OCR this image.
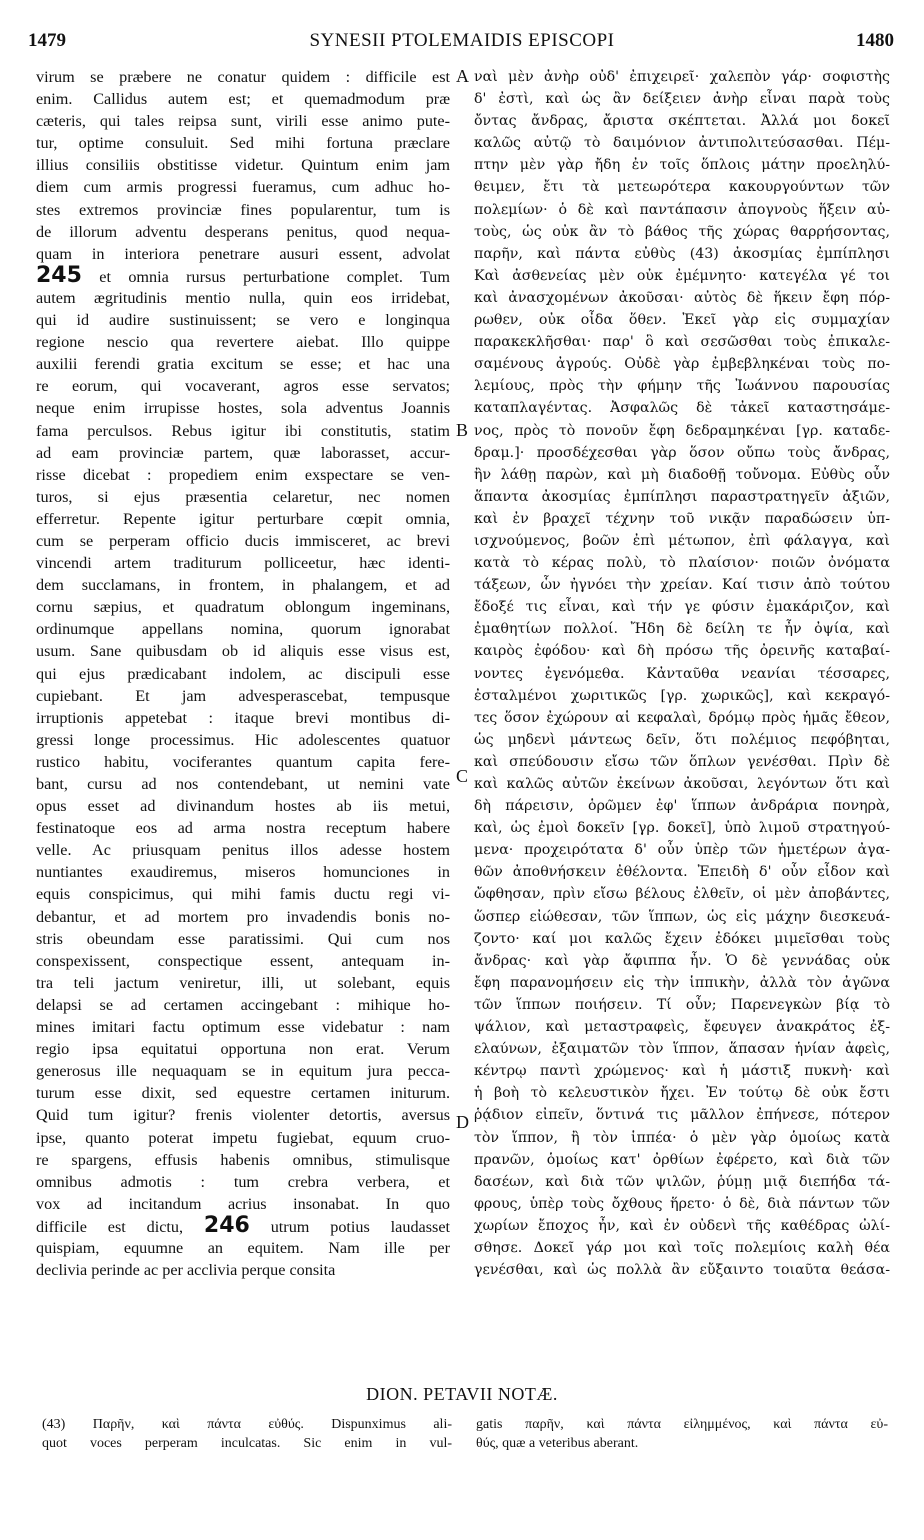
1479	SYNESII PTOLEMAIDIS EPISCOPI	1480
virum se præbere ne conatur quidem : difficile est
enim. Callidus autem est; et quemadmodum præ
cæteris, qui tales reipsa sunt, virili esse animo pute-
tur, optime consuluit. Sed mihi fortuna præclare
illius consiliis obstitisse videtur. Quintum enim jam
diem cum armis progressi fueramus, cum adhuc ho-
stes extremos provinciæ fines popularentur, tum is
de illorum adventu desperans penitus, quod nequa-
quam in interiora penetrare ausuri essent, advolat
245 et omnia rursus perturbatione complet. Tum
autem ægritudinis mentio nulla, quin eos irridebat,
qui id audire sustinuissent; se vero e longinqua
regione nescio qua revertere aiebat. Illo quippe
auxilii ferendi gratia excitum se esse; et hac una
re eorum, qui vocaverant, agros esse servatos;
neque enim irrupisse hostes, sola adventus Joannis
fama perculsos. Rebus igitur ibi constitutis, statim
ad eam provinciæ partem, quæ laborasset, accur-
risse dicebat : propediem enim exspectare se ven-
turos, si ejus præsentia celaretur, nec nomen
efferretur. Repente igitur perturbare cœpit omnia,
cum se perperam officio ducis immisceret, ac brevi
vincendi artem traditurum polliceetur, hæc identi-
dem succlamans, in frontem, in phalangem, et ad
cornu sæpius, et quadratum oblongum ingeminans,
ordinumque appellans nomina, quorum ignorabat
usum. Sane quibusdam ob id aliquis esse visus est,
qui ejus prædicabant indolem, ac discipuli esse
cupiebant. Et jam advesperascebat, tempusque
irruptionis appetebat : itaque brevi montibus di-
gressi longe processimus. Hic adolescentes quatuor
rustico habitu, vociferantes quantum capita fere-
bant, cursu ad nos contendebant, ut nemini vate
opus esset ad divinandum hostes ab iis metui,
festinatoque eos ad arma nostra receptum habere
velle. Ac priusquam penitus illos adesse hostem
nuntiantes exaudiremus, miseros homunciones in
equis conspicimus, qui mihi famis ductu regi vi-
debantur, et ad mortem pro invadendis bonis no-
stris obeundam esse paratissimi. Qui cum nos
conspexissent, conspectique essent, antequam in-
tra teli jactum veniretur, illi, ut solebant, equis
delapsi se ad certamen accingebant : mihique ho-
mines imitari factu optimum esse videbatur : nam
regio ipsa equitatui opportuna non erat. Verum
generosus ille nequaquam se in equitum jura pecca-
turum esse dixit, sed equestre certamen initurum.
Quid tum igitur? frenis violenter detortis, aversus
ipse, quanto poterat impetu fugiebat, equum cruo-
re spargens, effusis habenis omnibus, stimulisque
omnibus admotis : tum crebra verbera, et
vox ad incitandum acrius insonabat. In quo
difficile est dictu, 246 utrum potius laudasset
quispiam, equumne an equitem. Nam ille per
declivia perinde ac per acclivia perque consita
A
B
C
D
ναὶ μὲν ἀνὴρ οὐδ' ἐπιχειρεῖ· χαλεπὸν γάρ· σοφιστὴς
δ' ἐστὶ, καὶ ὡς ἂν δείξειεν ἀνὴρ εἶναι παρὰ τοὺς
ὄντας ἄνδρας, ἄριστα σκέπτεται. Ἀλλά μοι δοκεῖ
καλῶς αὐτῷ τὸ δαιμόνιον ἀντιπολιτεύσασθαι. Πέμ-
πτην μὲν γὰρ ἤδη ἐν τοῖς ὅπλοις μάτην προεληλύ-
θειμεν, ἔτι τὰ μετεωρότερα κακουργούντων τῶν
πολεμίων· ὁ δὲ καὶ παντάπασιν ἀπογνοὺς ἥξειν αὐ-
τοὺς, ὡς οὐκ ἂν τὸ βάθος τῆς χώρας θαρρήσοντας,
παρῆν, καὶ πάντα εὐθὺς (43) ἀκοσμίας ἐμπίπλησι
Καὶ ἀσθενείας μὲν οὐκ ἐμέμνητο· κατεγέλα γέ τοι
καὶ ἀνασχομένων ἀκοῦσαι· αὐτὸς δὲ ἥκειν ἔφη πόρ-
ρωθεν, οὐκ οἶδα ὅθεν. Ἐκεῖ γὰρ εἰς συμμαχίαν
παρακεκλῆσθαι· παρ' ὃ καὶ σεσῶσθαι τοὺς ἐπικαλε-
σαμένους ἀγρούς. Οὐδὲ γὰρ ἐμβεβληκέναι τοὺς πο-
λεμίους, πρὸς τὴν φήμην τῆς Ἰωάννου παρουσίας
καταπλαγέντας. Ἀσφαλῶς δὲ τἀκεῖ καταστησάμε-
νος, πρὸς τὸ πονοῦν ἔφη δεδραμηκέναι [γρ. καταδε-
δραμ.]· προσδέχεσθαι γὰρ ὅσον οὔπω τοὺς ἄνδρας,
ἢν λάθῃ παρὼν, καὶ μὴ διαδοθῇ τοὔνομα. Εὐθὺς οὖν
ἅπαντα ἀκοσμίας ἐμπίπλησι παραστρατηγεῖν ἀξιῶν,
καὶ ἐν βραχεῖ τέχνην τοῦ νικᾷν παραδώσειν ὑπ-
ισχνούμενος, βοῶν ἐπὶ μέτωπον, ἐπὶ φάλαγγα, καὶ
κατὰ τὸ κέρας πολὺ, τὸ πλαίσιον· ποιῶν ὀνόματα
τάξεων, ὧν ἠγνόει τὴν χρείαν. Καί τισιν ἀπὸ τούτου
ἔδοξέ τις εἶναι, καὶ τήν γε φύσιν ἐμακάριζον, καὶ
ἐμαθητίων πολλοί. Ἤδη δὲ δείλη τε ἦν ὀψία, καὶ
καιρὸς ἐφόδου· καὶ δὴ πρόσω τῆς ὀρεινῆς καταβαί-
νοντες ἐγενόμεθα. Κἀνταῦθα νεανίαι τέσσαρες,
ἐσταλμένοι χωριτικῶς [γρ. χωρικῶς], καὶ κεκραγό-
τες ὅσον ἐχώρουν αἱ κεφαλαὶ, δρόμῳ πρὸς ἡμᾶς ἔθεον,
ὡς μηδενὶ μάντεως δεῖν, ὅτι πολέμιος πεφόβηται,
καὶ σπεύδουσιν εἴσω τῶν ὅπλων γενέσθαι. Πρὶν δὲ
καὶ καλῶς αὐτῶν ἐκείνων ἀκοῦσαι, λεγόντων ὅτι καὶ
δὴ πάρεισιν, ὁρῶμεν ἐφ' ἵππων ἀνδράρια πονηρὰ,
καὶ, ὡς ἐμοὶ δοκεῖν [γρ. δοκεῖ], ὑπὸ λιμοῦ στρατηγού-
μενα· προχειρότατα δ' οὖν ὑπὲρ τῶν ἡμετέρων ἀγα-
θῶν ἀποθνήσκειν ἐθέλοντα. Ἐπειδὴ δ' οὖν εἶδον καὶ
ὤφθησαν, πρὶν εἴσω βέλους ἐλθεῖν, οἱ μὲν ἀποβάντες,
ὥσπερ εἰώθεσαν, τῶν ἵππων, ὡς εἰς μάχην διεσκευά-
ζοντο· καί μοι καλῶς ἔχειν ἐδόκει μιμεῖσθαι τοὺς
ἄνδρας· καὶ γὰρ ἄφιππα ἦν. Ὁ δὲ γεννάδας οὐκ
ἔφη παρανομήσειν εἰς τὴν ἱππικὴν, ἀλλὰ τὸν ἀγῶνα
τῶν ἵππων ποιήσειν. Τί οὖν; Παρενεγκὼν βίᾳ τὸ
ψάλιον, καὶ μεταστραφεὶς, ἔφευγεν ἀνακράτος ἐξ-
ελαύνων, ἐξαιματῶν τὸν ἵππον, ἅπασαν ἡνίαν ἀφεὶς,
κέντρῳ παντὶ χρώμενος· καὶ ἡ μάστιξ πυκνὴ· καὶ
ἡ βοὴ τὸ κελευστικὸν ἤχει. Ἐν τούτῳ δὲ οὐκ ἔστι
ῥᾴδιον εἰπεῖν, ὅντινά τις μᾶλλον ἐπήνεσε, πότερον
τὸν ἵππον, ἢ τὸν ἱππέα· ὁ μὲν γὰρ ὁμοίως κατὰ
πρανῶν, ὁμοίως κατ' ὀρθίων ἐφέρετο, καὶ διὰ τῶν
δασέων, καὶ διὰ τῶν ψιλῶν, ῥύμῃ μιᾷ διεπήδα τά-
φρους, ὑπὲρ τοὺς ὄχθους ἥρετο· ὁ δὲ, διὰ πάντων τῶν
χωρίων ἔποχος ἦν, καὶ ἐν οὐδενὶ τῆς καθέδρας ὠλί-
σθησε. Δοκεῖ γάρ μοι καὶ τοῖς πολεμίοις καλὴ θέα
γενέσθαι, καὶ ὡς πολλὰ ἂν εὔξαιντο τοιαῦτα θεάσα-
DION. PETAVII NOTÆ.
(43) Παρῆν, καὶ πάντα εὐθύς. Dispunximus ali-
quot voces perperam inculcatas. Sic enim in vul-
gatis παρῆν, καὶ πάντα εἰλημμένος, καὶ πάντα εὐ-
θύς, quæ a veteribus aberant.
